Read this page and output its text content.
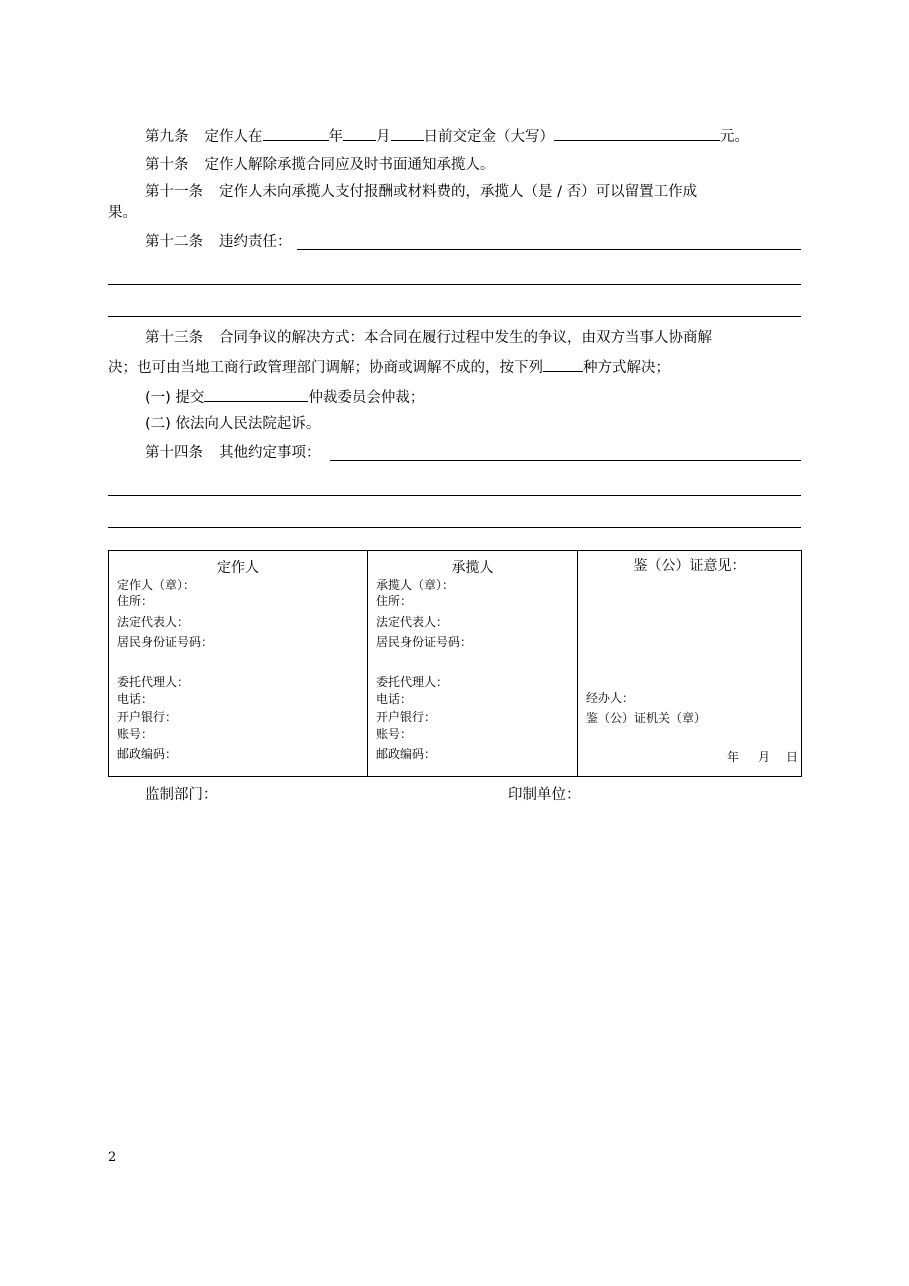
第九条 定作人在	年 月 日前交定金（大写）	元。
第十条 定作人解除承揽合同应及时书面通知承揽人。
第十一条 定作人未向承揽人支付报酬或材料费的，承揽人（是 / 否）可以留置工作成
果。
第十二条 违约责任：
第十三条 合同争议的解决方式：本合同在履行过程中发生的争议，由双方当事人协商解
决；也可由当地工商行政管理部门调解；协商或调解不成的，按下列	种方式解决；
(一) 提交	仲裁委员会仲裁；
(二) 依法向人民法院起诉。
第十四条 其他约定事项：
定作人
定作人（章）：
住所：
法定代表人：
居民身份证号码：
委托代理人：
电话：
开户银行：
账号：
邮政编码：

承揽人
承揽人（章）：
住所：
法定代表人：
居民身份证号码：
委托代理人：
电话：
开户银行：
账号：
邮政编码：

鉴（公）证意见：
经办人：
鉴（公）证机关（章）
年 月 日
监制部门：	印制单位：
2
